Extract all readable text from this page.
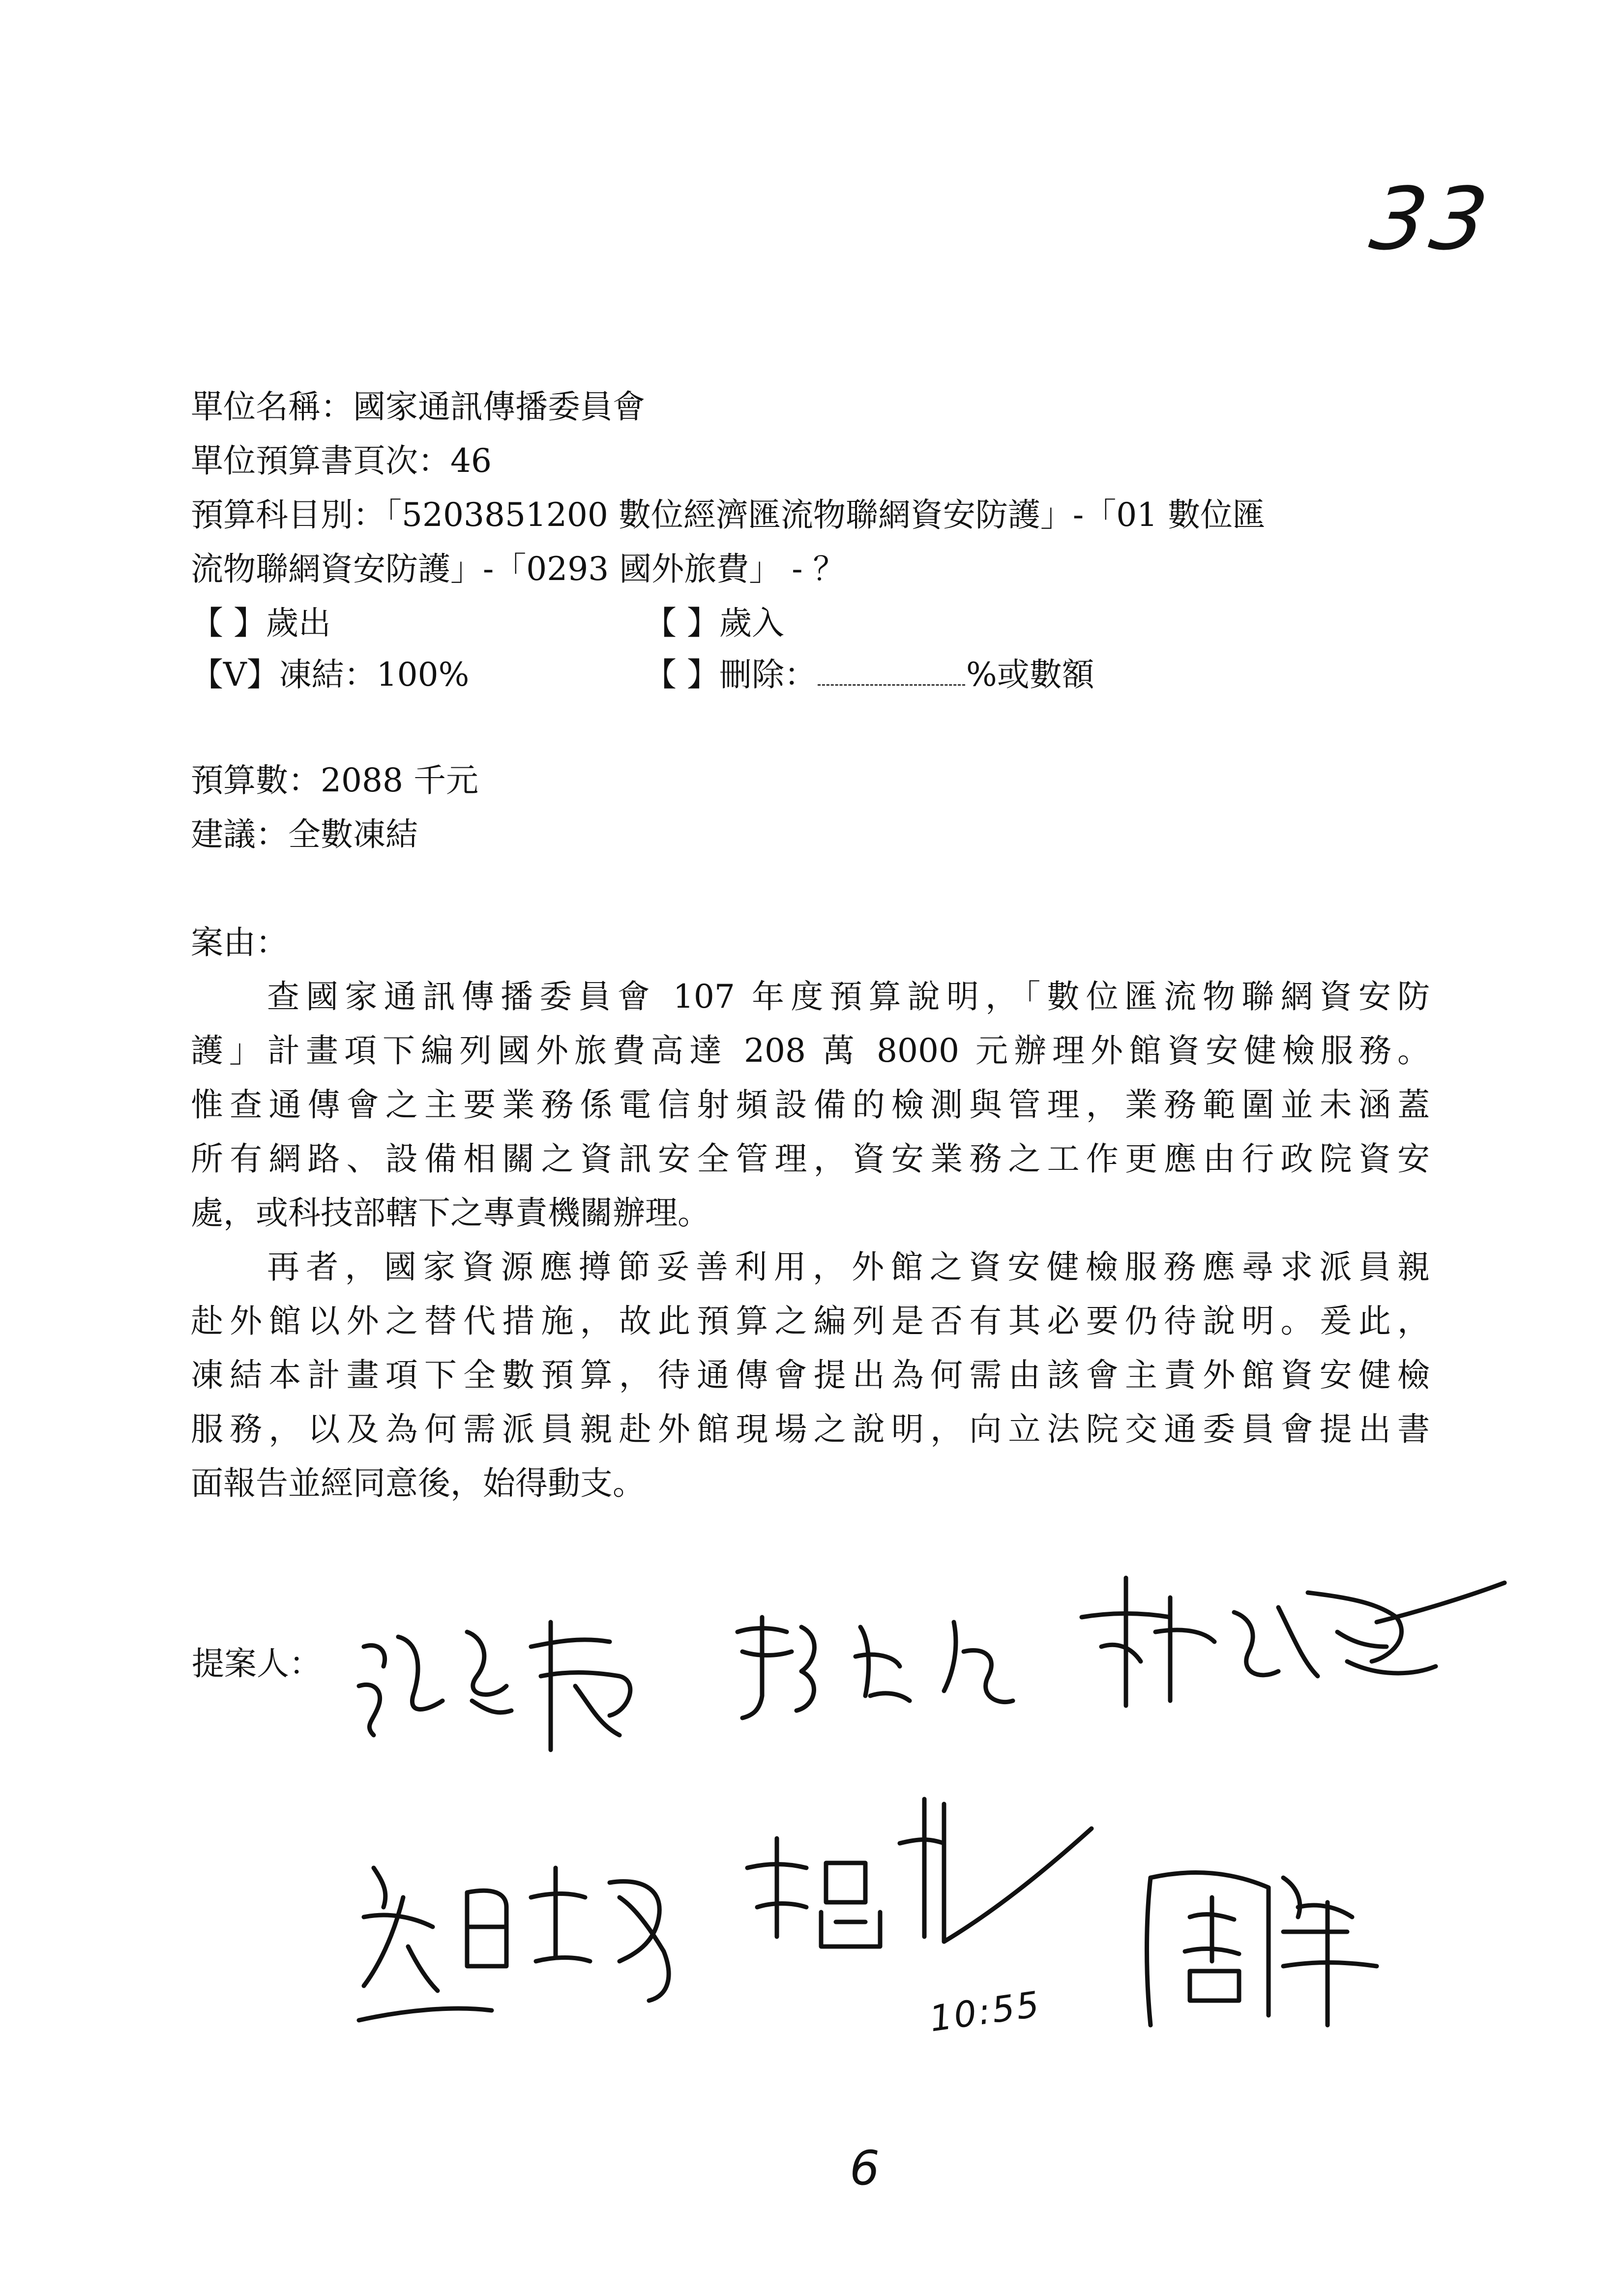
33
單位名稱：國家通訊傳播委員會
單位預算書頁次：46
預算科目別：「5203851200 數位經濟匯流物聯網資安防護」-「01 數位匯
流物聯網資安防護」-「0293 國外旅費」 - ？
【 】歲出	【 】歲入
【V】凍結：100%	【 】刪除：	%或數額
預算數：2088 千元
建議：全數凍結
案由：
查國家通訊傳播委員會 107 年度預算說明，「數位匯流物聯網資安防
護」計畫項下編列國外旅費高達 208 萬 8000 元辦理外館資安健檢服務。
惟查通傳會之主要業務係電信射頻設備的檢測與管理，業務範圍並未涵蓋
所有網路、設備相關之資訊安全管理，資安業務之工作更應由行政院資安
處，或科技部轄下之專責機關辦理。
再者，國家資源應撙節妥善利用，外館之資安健檢服務應尋求派員親
赴外館以外之替代措施，故此預算之編列是否有其必要仍待說明。爰此，
凍結本計畫項下全數預算，待通傳會提出為何需由該會主責外館資安健檢
服務，以及為何需派員親赴外館現場之說明，向立法院交通委員會提出書
面報告並經同意後，始得動支。
提案人：
10:55
6
